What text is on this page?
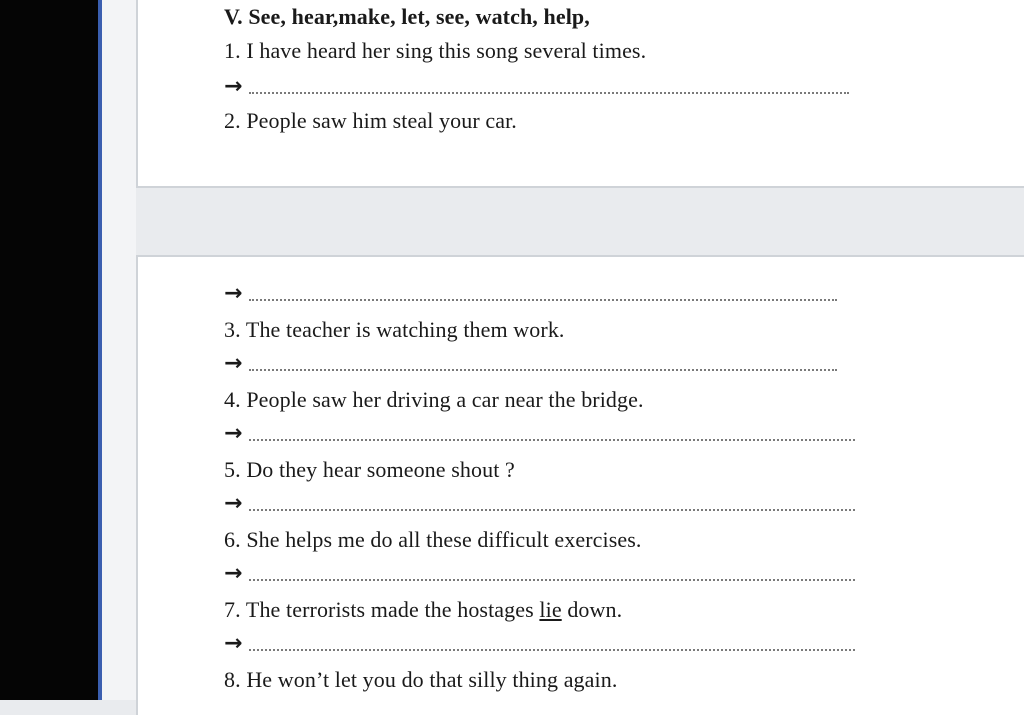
V. See, hear,make, let, see, watch, help,
1. I have heard her sing this song several times.
→
2. People saw him steal your car.
→
3. The teacher is watching them work.
→
4. People saw her driving a car near the bridge.
→
5. Do they hear someone shout ?
→
6. She helps me do all these difficult exercises.
→
7. The terrorists made the hostages lie down.
→
8. He won’t let you do that silly thing again.
